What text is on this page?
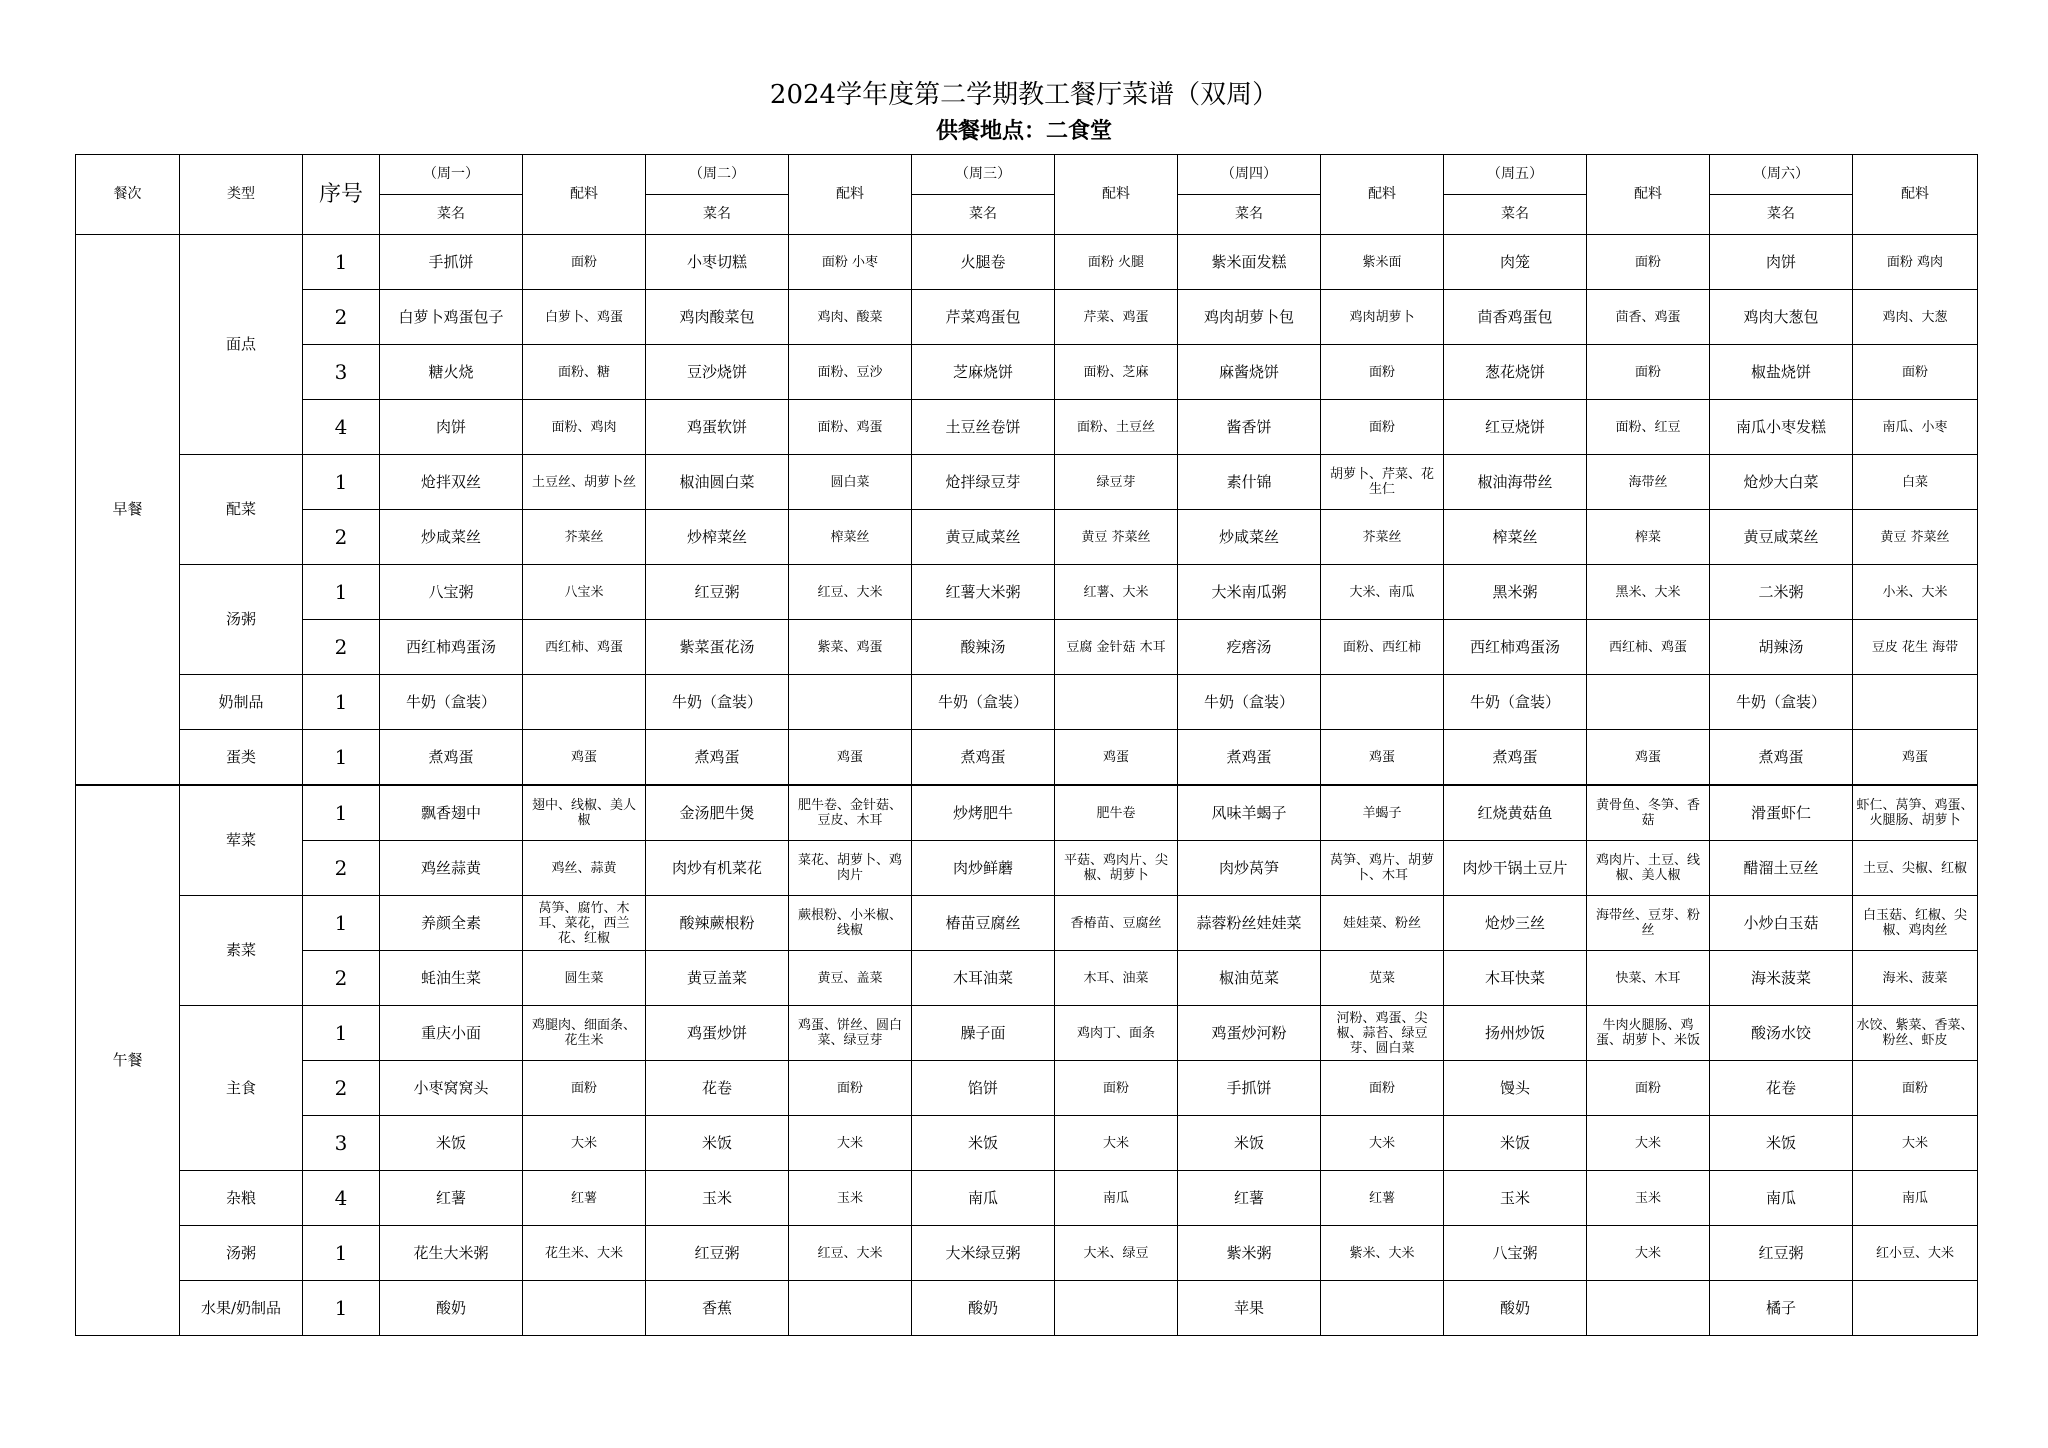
2024学年度第二学期教工餐厅菜谱（双周）
供餐地点：二食堂
餐次	类型	序号	（周一）	配料	（周二）	配料	（周三）	配料	（周四）	配料	（周五）	配料	（周六）	配料
			菜名		菜名		菜名		菜名		菜名		菜名	
早餐	面点	1	手抓饼	面粉	小枣切糕	面粉 小枣	火腿卷	面粉 火腿	紫米面发糕	紫米面	肉笼	面粉	肉饼	面粉 鸡肉
		2	白萝卜鸡蛋包子	白萝卜、鸡蛋	鸡肉酸菜包	鸡肉、酸菜	芹菜鸡蛋包	芹菜、鸡蛋	鸡肉胡萝卜包	鸡肉胡萝卜	茴香鸡蛋包	茴香、鸡蛋	鸡肉大葱包	鸡肉、大葱
		3	糖火烧	面粉、糖	豆沙烧饼	面粉、豆沙	芝麻烧饼	面粉、芝麻	麻酱烧饼	面粉	葱花烧饼	面粉	椒盐烧饼	面粉
		4	肉饼	面粉、鸡肉	鸡蛋软饼	面粉、鸡蛋	土豆丝卷饼	面粉、土豆丝	酱香饼	面粉	红豆烧饼	面粉、红豆	南瓜小枣发糕	南瓜、小枣
	配菜	1	炝拌双丝	土豆丝、胡萝卜丝	椒油圆白菜	圆白菜	炝拌绿豆芽	绿豆芽	素什锦	胡萝卜、芹菜、花生仁	椒油海带丝	海带丝	炝炒大白菜	白菜
		2	炒咸菜丝	芥菜丝	炒榨菜丝	榨菜丝	黄豆咸菜丝	黄豆 芥菜丝	炒咸菜丝	芥菜丝	榨菜丝	榨菜	黄豆咸菜丝	黄豆 芥菜丝
	汤粥	1	八宝粥	八宝米	红豆粥	红豆、大米	红薯大米粥	红薯、大米	大米南瓜粥	大米、南瓜	黑米粥	黑米、大米	二米粥	小米、大米
		2	西红柿鸡蛋汤	西红柿、鸡蛋	紫菜蛋花汤	紫菜、鸡蛋	酸辣汤	豆腐 金针菇 木耳	疙瘩汤	面粉、西红柿	西红柿鸡蛋汤	西红柿、鸡蛋	胡辣汤	豆皮 花生 海带
	奶制品	1	牛奶（盒装）		牛奶（盒装）		牛奶（盒装）		牛奶（盒装）		牛奶（盒装）		牛奶（盒装）	
	蛋类	1	煮鸡蛋	鸡蛋	煮鸡蛋	鸡蛋	煮鸡蛋	鸡蛋	煮鸡蛋	鸡蛋	煮鸡蛋	鸡蛋	煮鸡蛋	鸡蛋
午餐	荤菜	1	飘香翅中	翅中、线椒、美人椒	金汤肥牛煲	肥牛卷、金针菇、豆皮、木耳	炒烤肥牛	肥牛卷	风味羊蝎子	羊蝎子	红烧黄菇鱼	黄骨鱼、冬笋、香菇	滑蛋虾仁	虾仁、莴笋、鸡蛋、火腿肠、胡萝卜
		2	鸡丝蒜黄	鸡丝、蒜黄	肉炒有机菜花	菜花、胡萝卜、鸡肉片	肉炒鲜蘑	平菇、鸡肉片、尖椒、胡萝卜	肉炒莴笋	莴笋、鸡片、胡萝卜、木耳	肉炒干锅土豆片	鸡肉片、土豆、线椒、美人椒	醋溜土豆丝	土豆、尖椒、红椒
	素菜	1	养颜全素	莴笋、腐竹、木耳、菜花，西兰花、红椒	酸辣蕨根粉	蕨根粉、小米椒、线椒	椿苗豆腐丝	香椿苗、豆腐丝	蒜蓉粉丝娃娃菜	娃娃菜、粉丝	炝炒三丝	海带丝、豆芽、粉丝	小炒白玉菇	白玉菇、红椒、尖椒、鸡肉丝
		2	蚝油生菜	圆生菜	黄豆盖菜	黄豆、盖菜	木耳油菜	木耳、油菜	椒油苋菜	苋菜	木耳快菜	快菜、木耳	海米菠菜	海米、菠菜
	主食	1	重庆小面	鸡腿肉、细面条、花生米	鸡蛋炒饼	鸡蛋、饼丝、圆白菜、绿豆芽	臊子面	鸡肉丁、面条	鸡蛋炒河粉	河粉、鸡蛋、尖椒、蒜苔、绿豆芽、圆白菜	扬州炒饭	牛肉火腿肠、鸡蛋、胡萝卜、米饭	酸汤水饺	水饺、紫菜、香菜、粉丝、虾皮
		2	小枣窝窝头	面粉	花卷	面粉	馅饼	面粉	手抓饼	面粉	馒头	面粉	花卷	面粉
		3	米饭	大米	米饭	大米	米饭	大米	米饭	大米	米饭	大米	米饭	大米
	杂粮	4	红薯	红薯	玉米	玉米	南瓜	南瓜	红薯	红薯	玉米	玉米	南瓜	南瓜
	汤粥	1	花生大米粥	花生米、大米	红豆粥	红豆、大米	大米绿豆粥	大米、绿豆	紫米粥	紫米、大米	八宝粥	大米	红豆粥	红小豆、大米
	水果/奶制品	1	酸奶		香蕉		酸奶		苹果		酸奶		橘子	
